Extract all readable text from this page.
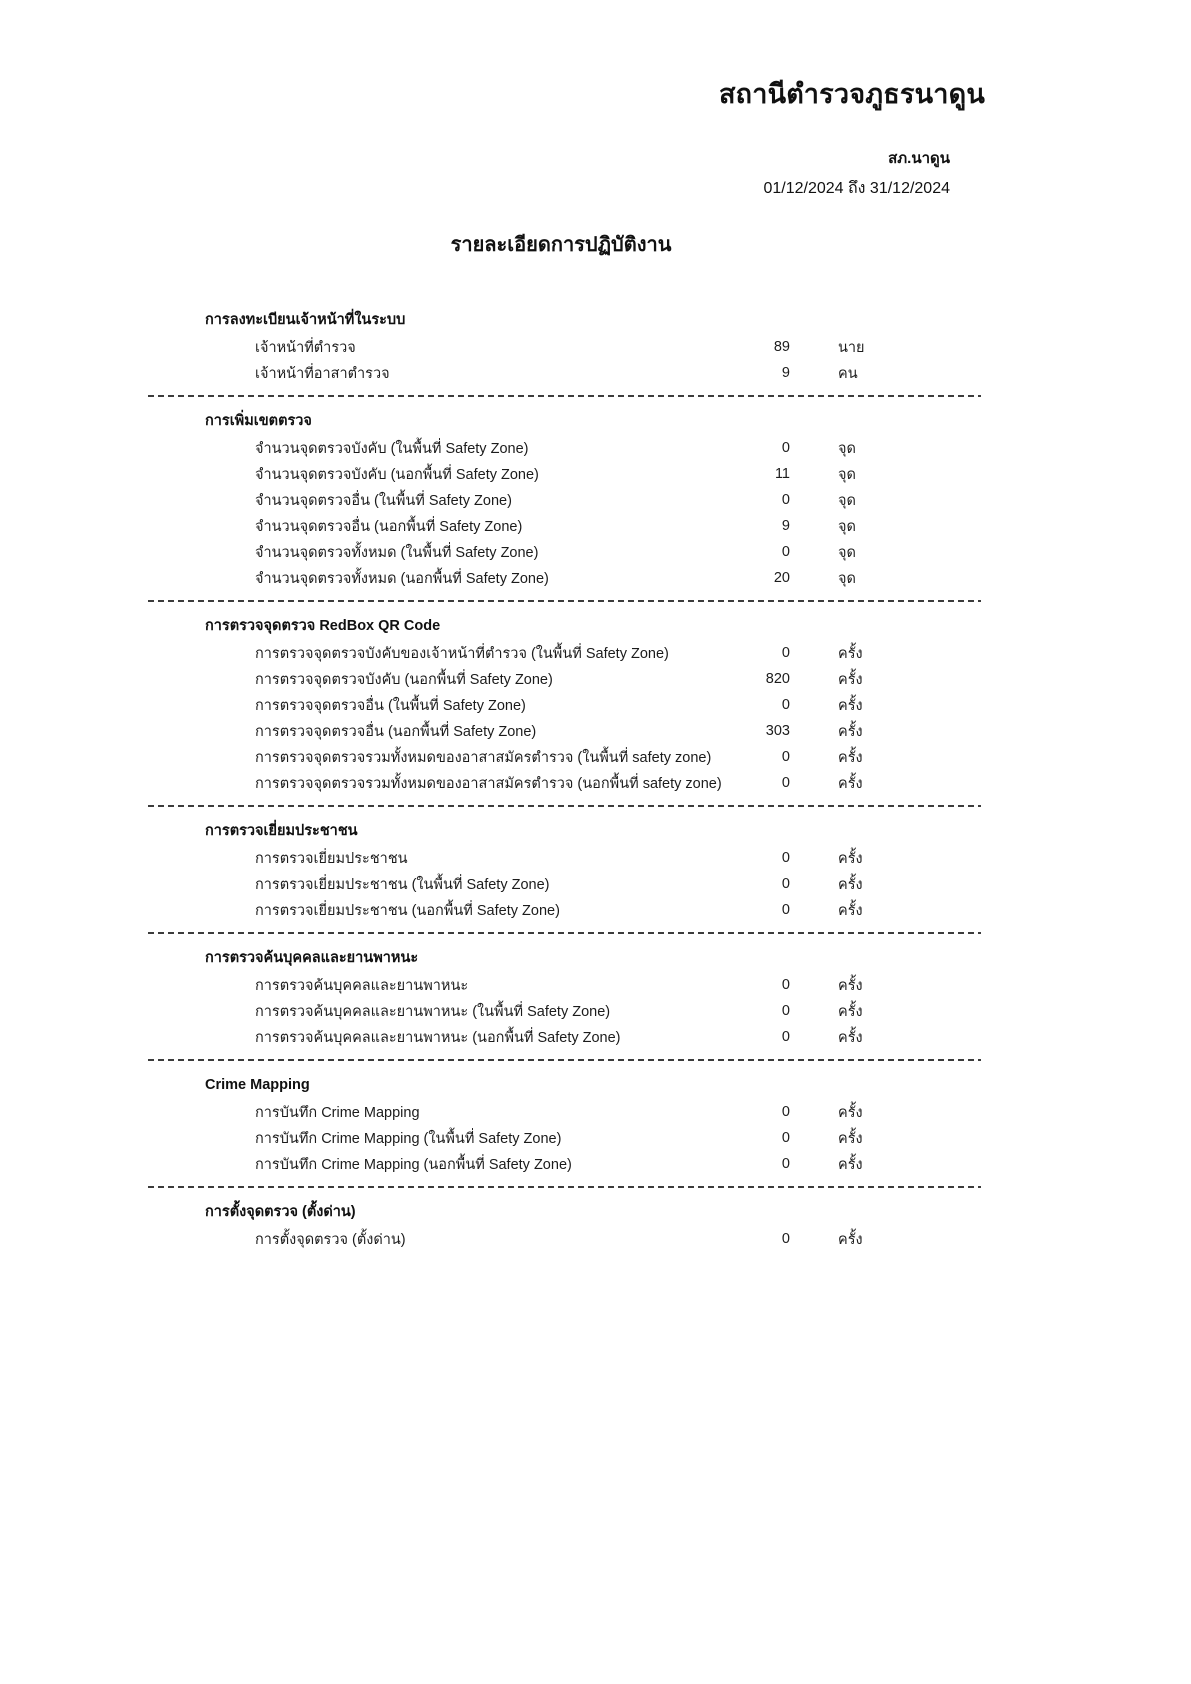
สถานีตำรวจภูธรนาดูน
สภ.นาดูน
01/12/2024 ถึง 31/12/2024
รายละเอียดการปฏิบัติงาน
การลงทะเบียนเจ้าหน้าที่ในระบบ
เจ้าหน้าที่ตำรวจ	89	นาย
เจ้าหน้าที่อาสาตำรวจ	9	คน
การเพิ่มเขตตรวจ
จำนวนจุดตรวจบังคับ (ในพื้นที่ Safety Zone)	0	จุด
จำนวนจุดตรวจบังคับ (นอกพื้นที่ Safety Zone)	11	จุด
จำนวนจุดตรวจอื่น (ในพื้นที่ Safety Zone)	0	จุด
จำนวนจุดตรวจอื่น (นอกพื้นที่ Safety Zone)	9	จุด
จำนวนจุดตรวจทั้งหมด (ในพื้นที่ Safety Zone)	0	จุด
จำนวนจุดตรวจทั้งหมด (นอกพื้นที่ Safety Zone)	20	จุด
การตรวจจุดตรวจ RedBox QR Code
การตรวจจุดตรวจบังคับของเจ้าหน้าที่ตำรวจ (ในพื้นที่ Safety Zone)	0	ครั้ง
การตรวจจุดตรวจบังคับ (นอกพื้นที่ Safety Zone)	820	ครั้ง
การตรวจจุดตรวจอื่น (ในพื้นที่ Safety Zone)	0	ครั้ง
การตรวจจุดตรวจอื่น (นอกพื้นที่ Safety Zone)	303	ครั้ง
การตรวจจุดตรวจรวมทั้งหมดของอาสาสมัครตำรวจ (ในพื้นที่ safety zone)	0	ครั้ง
การตรวจจุดตรวจรวมทั้งหมดของอาสาสมัครตำรวจ (นอกพื้นที่ safety zone)	0	ครั้ง
การตรวจเยี่ยมประชาชน
การตรวจเยี่ยมประชาชน	0	ครั้ง
การตรวจเยี่ยมประชาชน (ในพื้นที่ Safety Zone)	0	ครั้ง
การตรวจเยี่ยมประชาชน (นอกพื้นที่ Safety Zone)	0	ครั้ง
การตรวจค้นบุคคลและยานพาหนะ
การตรวจค้นบุคคลและยานพาหนะ	0	ครั้ง
การตรวจค้นบุคคลและยานพาหนะ (ในพื้นที่ Safety Zone)	0	ครั้ง
การตรวจค้นบุคคลและยานพาหนะ (นอกพื้นที่ Safety Zone)	0	ครั้ง
Crime Mapping
การบันทึก Crime Mapping	0	ครั้ง
การบันทึก Crime Mapping (ในพื้นที่ Safety Zone)	0	ครั้ง
การบันทึก Crime Mapping (นอกพื้นที่ Safety Zone)	0	ครั้ง
การตั้งจุดตรวจ (ตั้งด่าน)
การตั้งจุดตรวจ (ตั้งด่าน)	0	ครั้ง
